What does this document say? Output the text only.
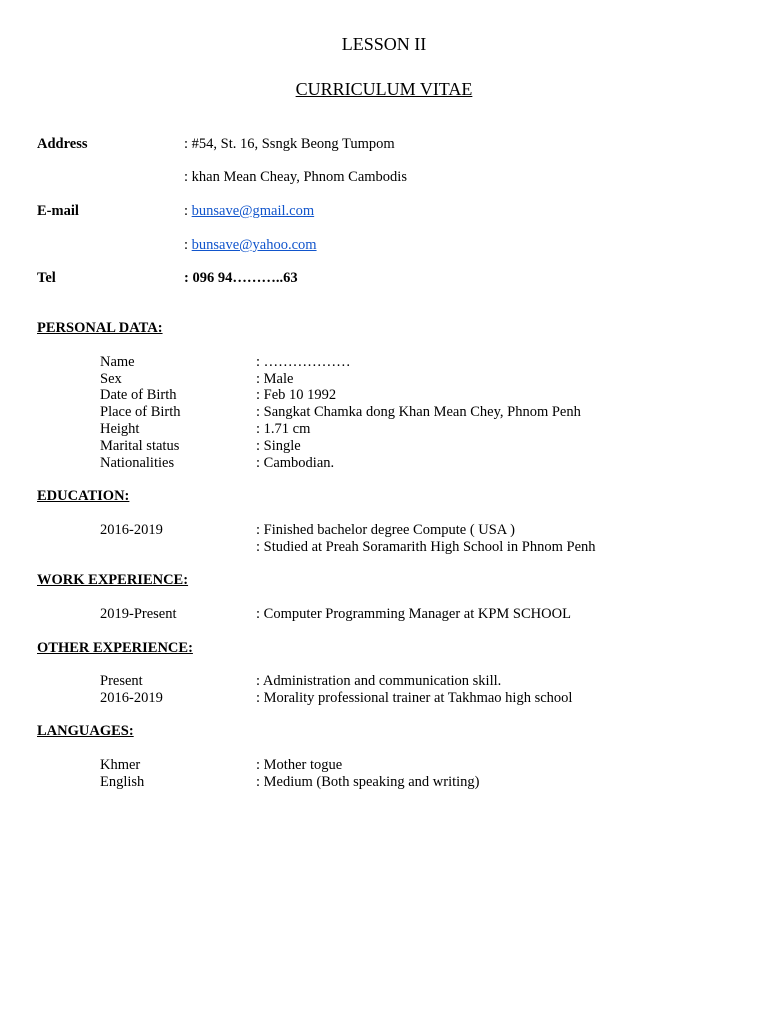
LESSON II
CURRICULUM VITAE
Address	: #54, St. 16, Ssngk Beong Tumpom
: khan Mean Cheay, Phnom Cambodis
E-mail	: bunsave@gmail.com
: bunsave@yahoo.com
Tel	: 096 94………..63
PERSONAL DATA:
Name	: ………………
Sex	: Male
Date of Birth	: Feb 10 1992
Place of Birth	: Sangkat Chamka dong Khan Mean Chey, Phnom Penh
Height	: 1.71 cm
Marital status	: Single
Nationalities	: Cambodian.
EDUCATION:
2016-2019	: Finished bachelor degree Compute ( USA )
: Studied at Preah Soramarith High School in Phnom Penh
WORK EXPERIENCE:
2019-Present	: Computer Programming Manager at KPM SCHOOL
OTHER EXPERIENCE:
Present	: Administration and communication skill.
2016-2019	: Morality professional trainer at Takhmao high school
LANGUAGES:
Khmer	: Mother togue
English	: Medium (Both speaking and writing)
